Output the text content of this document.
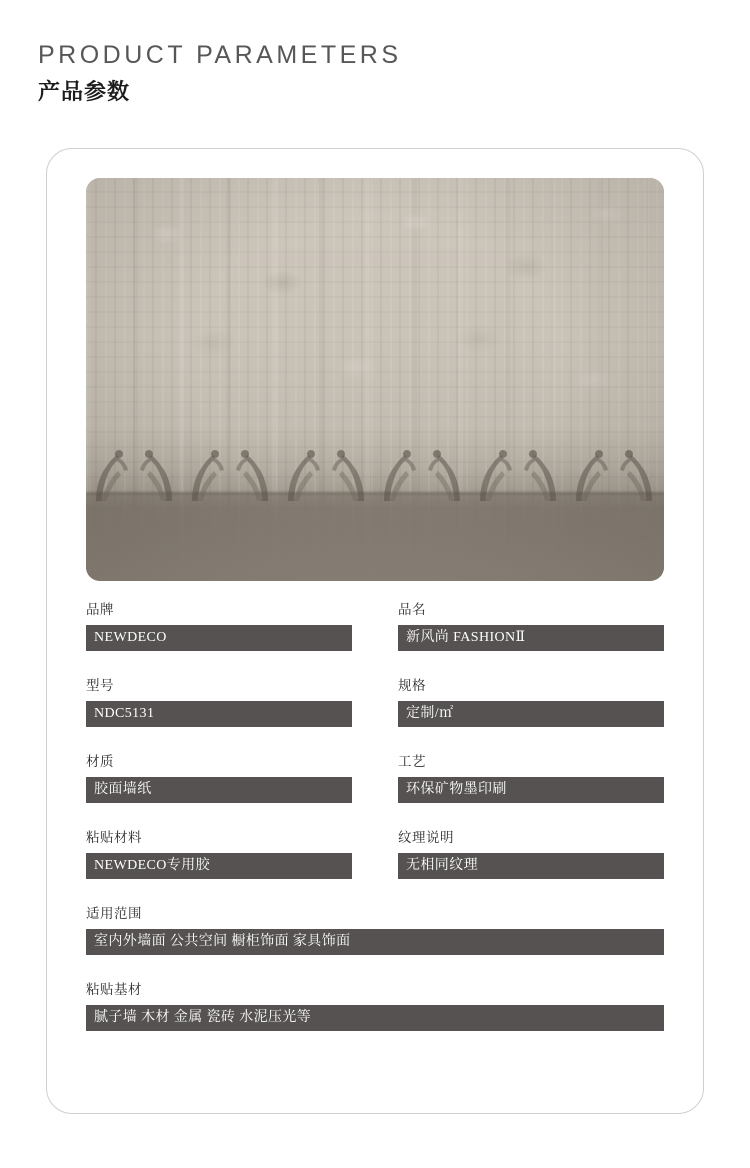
PRODUCT PARAMETERS
产品参数
品牌
NEWDECO
品名
新风尚 FASHIONⅡ
型号
NDC5131
规格
定制/㎡
材质
胶面墙纸
工艺
环保矿物墨印刷
粘贴材料
NEWDECO专用胶
纹理说明
无相同纹理
适用范围
室内外墙面 公共空间 橱柜饰面 家具饰面
粘贴基材
腻子墙 木材 金属 瓷砖 水泥压光等
